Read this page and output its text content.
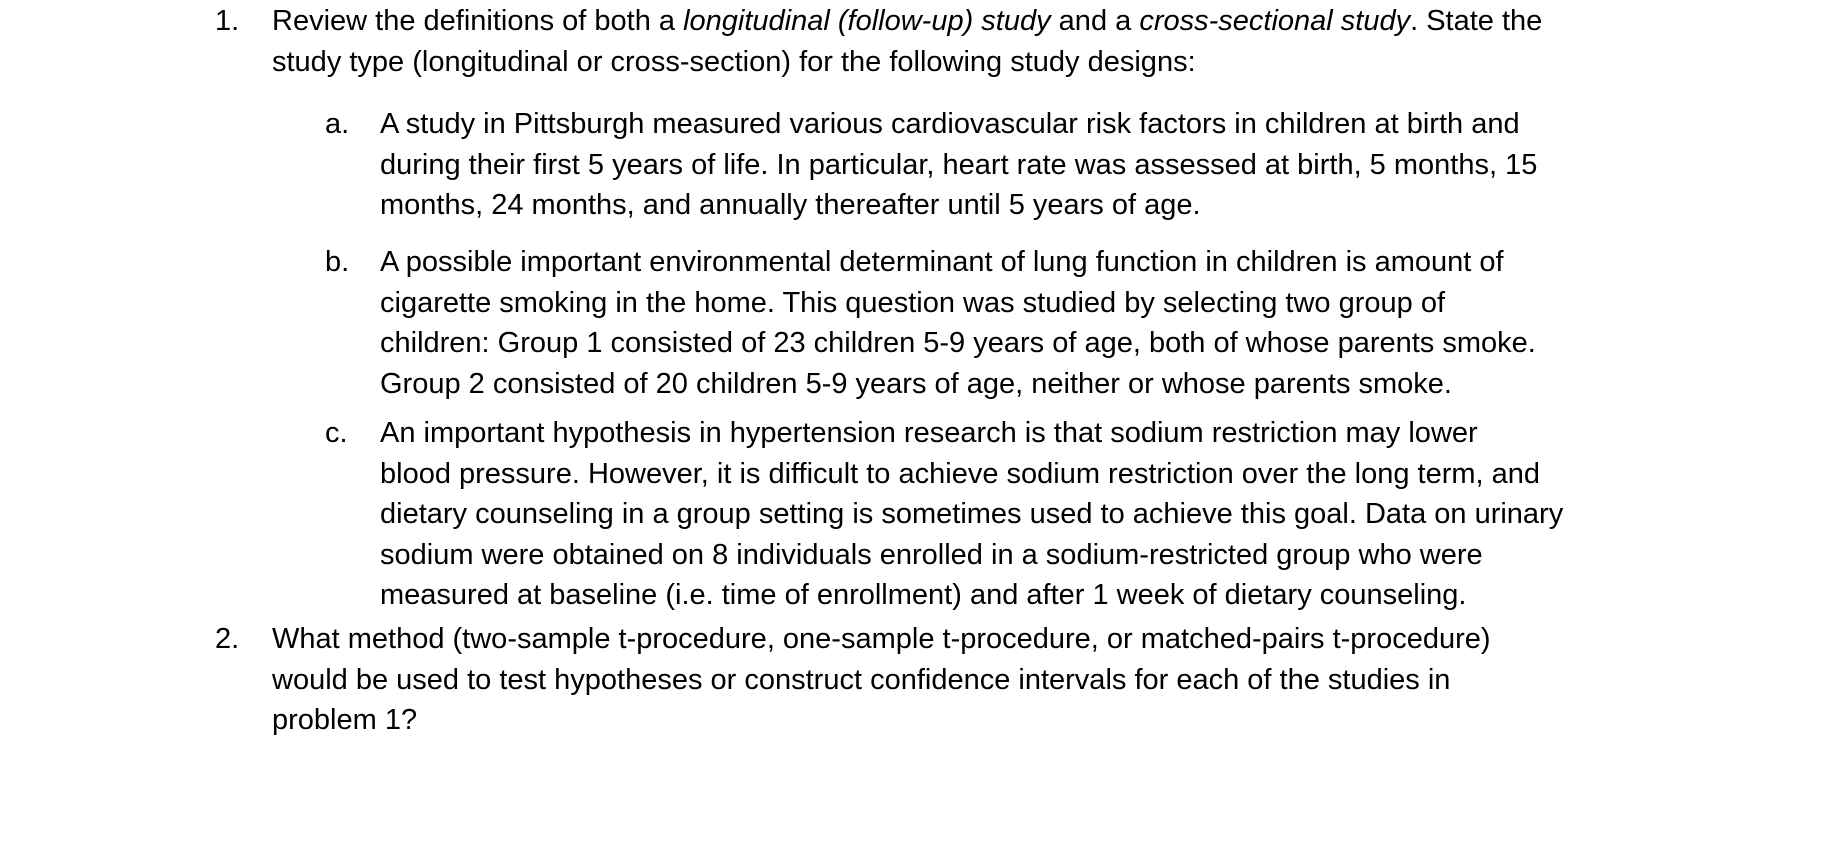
1.	Review the definitions of both a longitudinal (follow-up) study and a cross-sectional study. State the
study type (longitudinal or cross-section) for the following study designs:
a.	A study in Pittsburgh measured various cardiovascular risk factors in children at birth and
during their first 5 years of life. In particular, heart rate was assessed at birth, 5 months, 15
months, 24 months, and annually thereafter until 5 years of age.
b.	A possible important environmental determinant of lung function in children is amount of
cigarette smoking in the home. This question was studied by selecting two group of
children: Group 1 consisted of 23 children 5-9 years of age, both of whose parents smoke.
Group 2 consisted of 20 children 5-9 years of age, neither or whose parents smoke.
c.	An important hypothesis in hypertension research is that sodium restriction may lower
blood pressure. However, it is difficult to achieve sodium restriction over the long term, and
dietary counseling in a group setting is sometimes used to achieve this goal. Data on urinary
sodium were obtained on 8 individuals enrolled in a sodium-restricted group who were
measured at baseline (i.e. time of enrollment) and after 1 week of dietary counseling.
2.	What method (two-sample t-procedure, one-sample t-procedure, or matched-pairs t-procedure)
would be used to test hypotheses or construct confidence intervals for each of the studies in
problem 1?
